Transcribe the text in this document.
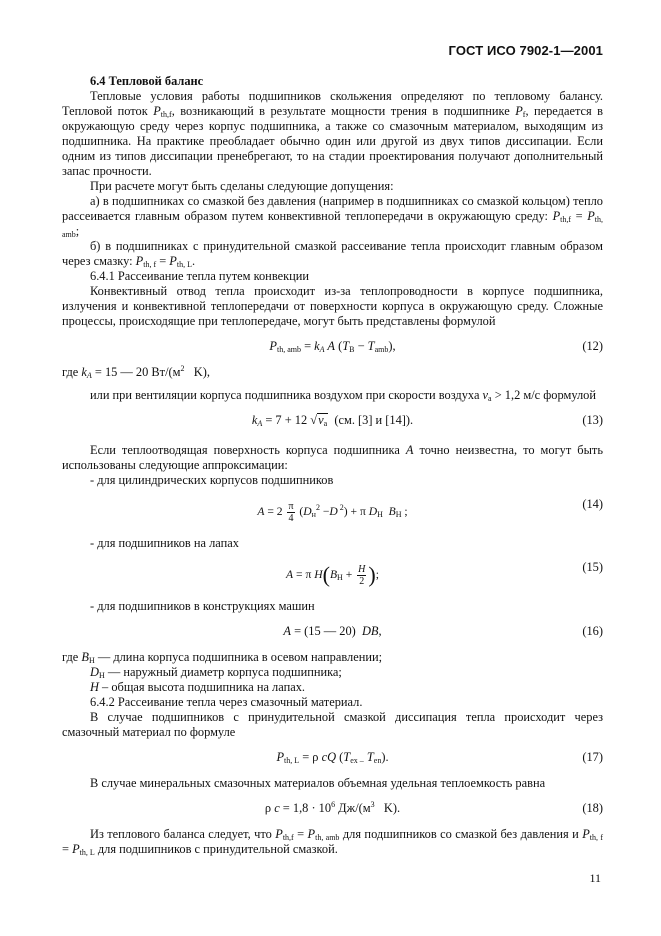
ГОСТ ИСО 7902-1—2001

6.4 Тепловой баланс

Тепловые условия работы подшипников скольжения определяют по тепловому балансу. Тепловой поток $P_{th,f}$, возникающий в результате мощности трения в подшипнике $P_f$, передается в окружающую среду через корпус подшипника, а также со смазочным материалом, выходящим из подшипника. На практике преобладает обычно один или другой из двух типов диссипации. Если одним из типов диссипации пренебрегают, то на стадии проектирования получают дополнительный запас прочности.

При расчете могут быть сделаны следующие допущения:

а) в подшипниках со смазкой без давления (например в подшипниках со смазкой кольцом) тепло рассеивается главным образом путем конвективной теплопередачи в окружающую среду: $P_{th,f} = P_{th, amb}$;

б) в подшипниках с принудительной смазкой рассеивание тепла происходит главным образом через смазку: $P_{th, f} = P_{th, L}$.

6.4.1 Рассеивание тепла путем конвекции

Конвективный отвод тепла происходит из-за теплопроводности в корпусе подшипника, излучения и конвективной теплопередачи от поверхности корпуса в окружающую среду. Сложные процессы, происходящие при теплопередаче, могут быть представлены формулой

$P_{th, amb} = k_A$ A $(T_B - T_{amb})$,	(12)

где $k_A = 15$ — 20 $Вт/(м^2$   K),

или при вентиляции корпуса подшипника воздухом при скорости воздуха $v_a > 1,2$ м/с формулой

$k_A = 7 + 12$ $√v_a$  (см. [3] и [14]).	(13)

Если теплоотводящая поверхность корпуса подшипника A точно неизвестна, то могут быть использованы следующие аппроксимации:

- для цилиндрических корпусов подшипников

$A = 2 \frac{\pi}{4} (D_н^2 -D$ $^2$) + π $D_H$ $B_H$ ;
(14)

- для подшипников на лапах

A = π $H(B_H + \frac{H}{2}$ );
(15)

- для подшипников в конструкциях машин

A = (15 — 20)  DB,	(16)

где $B_H$ — длина корпуса подшипника в осевом направлении;

$D_H$ — наружный диаметр корпуса подшипника;

H – общая высота подшипника на лапах.

6.4.2 Рассеивание тепла через смазочный материал.

В случае подшипников с принудительной смазкой диссипация тепла происходит через смазочный материал по формуле

$P_{th, L} = \rho$ cQ ($T_{ex -}$ $T_{en}$).	(17)

В случае минеральных смазочных материалов объемная удельная теплоемкость равна

ρ $c = 1,8 \cdot 10^6$ $Дж/(м^3$   K).	(18)

Из теплового баланса следует, что $P_{th,f} = P_{th, amb}$ для подшипников со смазкой без давления и $P_{th, f} = P_{th, L}$ для подшипников с принудительной смазкой.

11
